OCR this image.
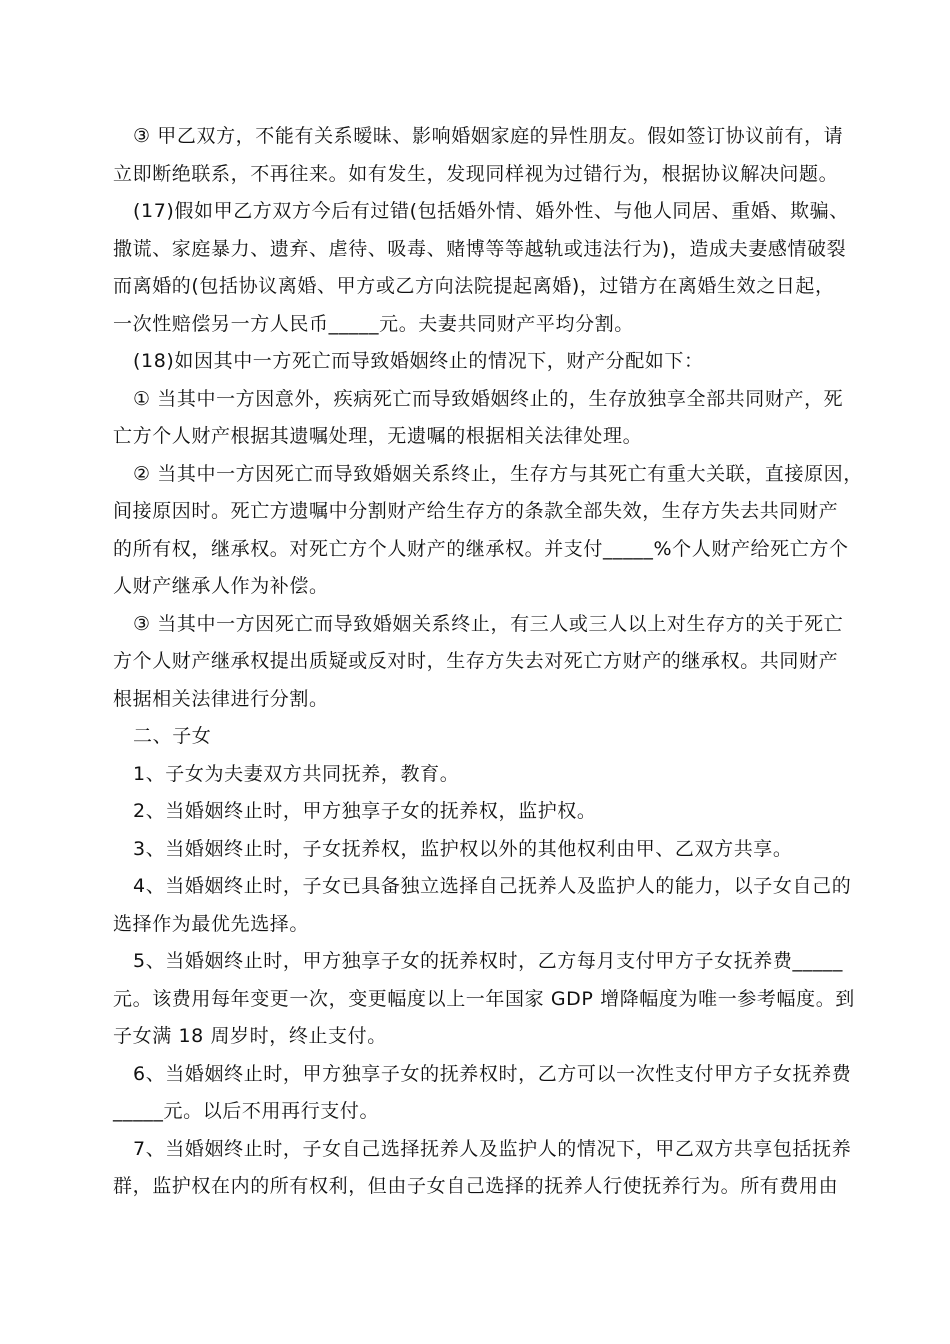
③ 甲乙双方，不能有关系暧昧、影响婚姻家庭的异性朋友。假如签订协议前有，请
立即断绝联系，不再往来。如有发生，发现同样视为过错行为，根据协议解决问题。

(17)假如甲乙方双方今后有过错(包括婚外情、婚外性、与他人同居、重婚、欺骗、
撒谎、家庭暴力、遗弃、虐待、吸毒、赌博等等越轨或违法行为)，造成夫妻感情破裂
而离婚的(包括协议离婚、甲方或乙方向法院提起离婚)，过错方在离婚生效之日起，
一次性赔偿另一方人民币_____元。夫妻共同财产平均分割。

(18)如因其中一方死亡而导致婚姻终止的情况下，财产分配如下：

① 当其中一方因意外，疾病死亡而导致婚姻终止的，生存放独享全部共同财产，死
亡方个人财产根据其遗嘱处理，无遗嘱的根据相关法律处理。

② 当其中一方因死亡而导致婚姻关系终止，生存方与其死亡有重大关联，直接原因，
间接原因时。死亡方遗嘱中分割财产给生存方的条款全部失效，生存方失去共同财产
的所有权，继承权。对死亡方个人财产的继承权。并支付_____%个人财产给死亡方个
人财产继承人作为补偿。

③ 当其中一方因死亡而导致婚姻关系终止，有三人或三人以上对生存方的关于死亡
方个人财产继承权提出质疑或反对时，生存方失去对死亡方财产的继承权。共同财产
根据相关法律进行分割。

二、子女

1、子女为夫妻双方共同抚养，教育。

2、当婚姻终止时，甲方独享子女的抚养权，监护权。

3、当婚姻终止时，子女抚养权，监护权以外的其他权利由甲、乙双方共享。

4、当婚姻终止时，子女已具备独立选择自己抚养人及监护人的能力，以子女自己的
选择作为最优先选择。

5、当婚姻终止时，甲方独享子女的抚养权时，乙方每月支付甲方子女抚养费_____
元。该费用每年变更一次，变更幅度以上一年国家 GDP 增降幅度为唯一参考幅度。到
子女满 18 周岁时，终止支付。

6、当婚姻终止时，甲方独享子女的抚养权时，乙方可以一次性支付甲方子女抚养费
_____元。以后不用再行支付。

7、当婚姻终止时，子女自己选择抚养人及监护人的情况下，甲乙双方共享包括抚养
群，监护权在内的所有权利，但由子女自己选择的抚养人行使抚养行为。所有费用由
